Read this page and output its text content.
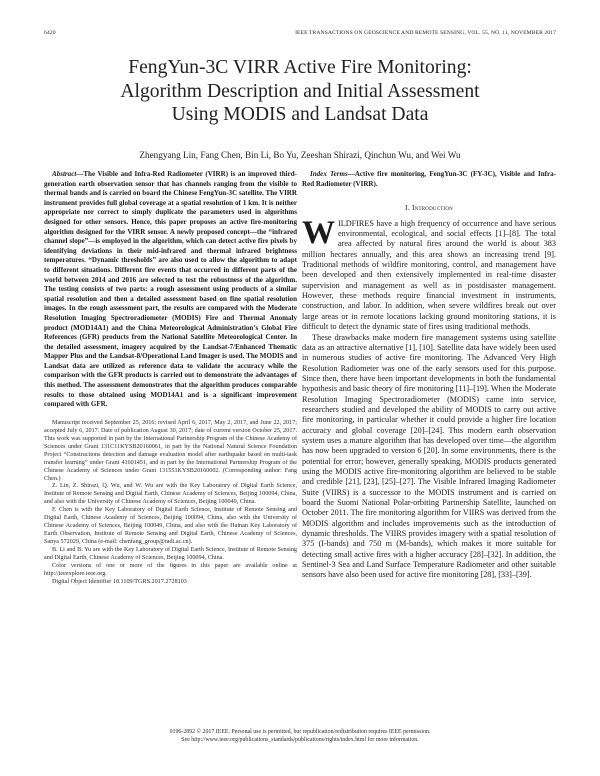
6420	IEEE TRANSACTIONS ON GEOSCIENCE AND REMOTE SENSING, VOL. 55, NO. 11, NOVEMBER 2017
FengYun-3C VIRR Active Fire Monitoring:
Algorithm Description and Initial Assessment
Using MODIS and Landsat Data
Zhengyang Lin, Fang Chen, Bin Li, Bo Yu, Zeeshan Shirazi, Qinchun Wu, and Wei Wu

Abstract—The Visible and Infra-Red Radiometer (VIRR) is an improved third-generation earth observation sensor that has channels ranging from the visible to thermal bands and is carried on board the Chinese FengYun-3C satellite. The VIRR instrument provides full global coverage at a spatial resolution of 1 km. It is neither appropriate nor correct to simply duplicate the parameters used in algorithms designed for other sensors. Hence, this paper proposes an active fire-monitoring algorithm designed for the VIRR sensor. A newly proposed concept—the “infrared channel slope”—is employed in the algorithm, which can detect active fire pixels by identifying deviations in their mid-infrared and thermal infrared brightness temperatures. “Dynamic thresholds” are also used to allow the algorithm to adapt to different situations. Different fire events that occurred in different parts of the world between 2014 and 2016 are selected to test the robustness of the algorithm. The testing consists of two parts: a rough assessment using products of a similar spatial resolution and then a detailed assessment based on fine spatial resolution images. In the rough assessment part, the results are compared with the Moderate Resolution Imaging Spectroradiometer (MODIS) Fire and Thermal Anomaly product (MOD14A1) and the China Meteorological Administration’s Global Fire References (GFR) products from the National Satellite Meteorological Center. In the detailed assessment, imagery acquired by the Landsat-7/Enhanced Thematic Mapper Plus and the Landsat-8/Operational Land Imager is used. The MODIS and Landsat data are utilized as reference data to validate the accuracy while the comparison with the GFR products is carried out to demonstrate the advantages of this method. The assessment demonstrates that the algorithm produces comparable results to those obtained using MOD14A1 and is a significant improvement compared with GFR.

Manuscript received September 25, 2016; revised April 6, 2017, May 2, 2017, and June 22, 2017; accepted July 6, 2017. Date of publication August 30, 2017; date of current version October 25, 2017. This work was supported in part by the International Partnership Program of the Chinese Academy of Sciences under Grant 131C11KYSB20160061, in part by the National Natural Science Foundation Project “Constructions detection and damage evaluation model after earthquake based on multi-task transfer learning” under Grant 41601451, and in part by the International Partnership Program of the Chinese Academy of Sciences under Grant 131551KYSB20160002. (Corresponding author: Fang Chen.)

Z. Lin, Z. Shirazi, Q. Wu, and W. Wu are with the Key Laboratory of Digital Earth Science, Institute of Remote Sensing and Digital Earth, Chinese Academy of Sciences, Beijing 100094, China, and also with the University of Chinese Academy of Sciences, Beijing 100049, China.

F. Chen is with the Key Laboratory of Digital Earth Science, Institute of Remote Sensing and Digital Earth, Chinese Academy of Sciences, Beijing 100094, China, also with the University of Chinese Academy of Sciences, Beijing 100049, China, and also with the Hainan Key Laboratory of Earth Observation, Institute of Remote Sensing and Digital Earth, Chinese Academy of Sciences, Sanya 572029, China (e-mail: chenfang_group@radi.ac.cn).

B. Li and B. Yu are with the Key Laboratory of Digital Earth Science, Institute of Remote Sensing and Digital Earth, Chinese Academy of Sciences, Beijing 100094, China.

Color versions of one or more of the figures in this paper are available online at http://ieeexplore.ieee.org.

Digital Object Identifier 10.1109/TGRS.2017.2728103

Index Terms—Active fire monitoring, FengYun-3C (FY-3C), Visible and Infra-Red Radiometer (VIRR).

I. Introduction

WILDFIRES have a high frequency of occurrence and have serious environmental, ecological, and social effects [1]–[8]. The total area affected by natural fires around the world is about 383 million hectares annually, and this area shows an increasing trend [9]. Traditional methods of wildfire monitoring, control, and management have been developed and then extensively implemented in real-time disaster supervision and management as well as in postdisaster management. However, these methods require financial investment in instruments, construction, and labor. In addition, when severe wildfires break out over large areas or in remote locations lacking ground monitoring stations, it is difficult to detect the dynamic state of fires using traditional methods.

These drawbacks make modern fire management systems using satellite data as an attractive alternative [1], [10]. Satellite data have widely been used in numerous studies of active fire monitoring. The Advanced Very High Resolution Radiometer was one of the early sensors used for this purpose. Since then, there have been important developments in both the fundamental hypothesis and basic theory of fire monitoring [11]–[19]. When the Moderate Resolution Imaging Spectroradiometer (MODIS) came into service, researchers studied and developed the ability of MODIS to carry out active fire monitoring, in particular whether it could provide a higher fire location accuracy and global coverage [20]–[24]. This modern earth observation system uses a mature algorithm that has developed over time—the algorithm has now been upgraded to version 6 [20]. In some environments, there is the potential for error; however, generally speaking, MODIS products generated using the MODIS active fire-monitoring algorithm are believed to be stable and credible [21], [23], [25]–[27]. The Visible Infrared Imaging Radiometer Suite (VIIRS) is a successor to the MODIS instrument and is carried on board the Suomi National Polar-orbiting Partnership Satellite, launched on October 2011. The fire monitoring algorithm for VIIRS was derived from the MODIS algorithm and includes improvements such as the introduction of dynamic thresholds. The VIIRS provides imagery with a spatial resolution of 375 (I-bands) and 750 m (M-bands), which makes it more suitable for detecting small active fires with a higher accuracy [28]–[32]. In addition, the Sentinel-3 Sea and Land Surface Temperature Radiometer and other suitable sensors have also been used for active fire monitoring [28], [33]–[39].

0196-2892 © 2017 IEEE. Personal use is permitted, but republication/redistribution requires IEEE permission.
See http://www.ieee.org/publications_standards/publications/rights/index.html for more information.
